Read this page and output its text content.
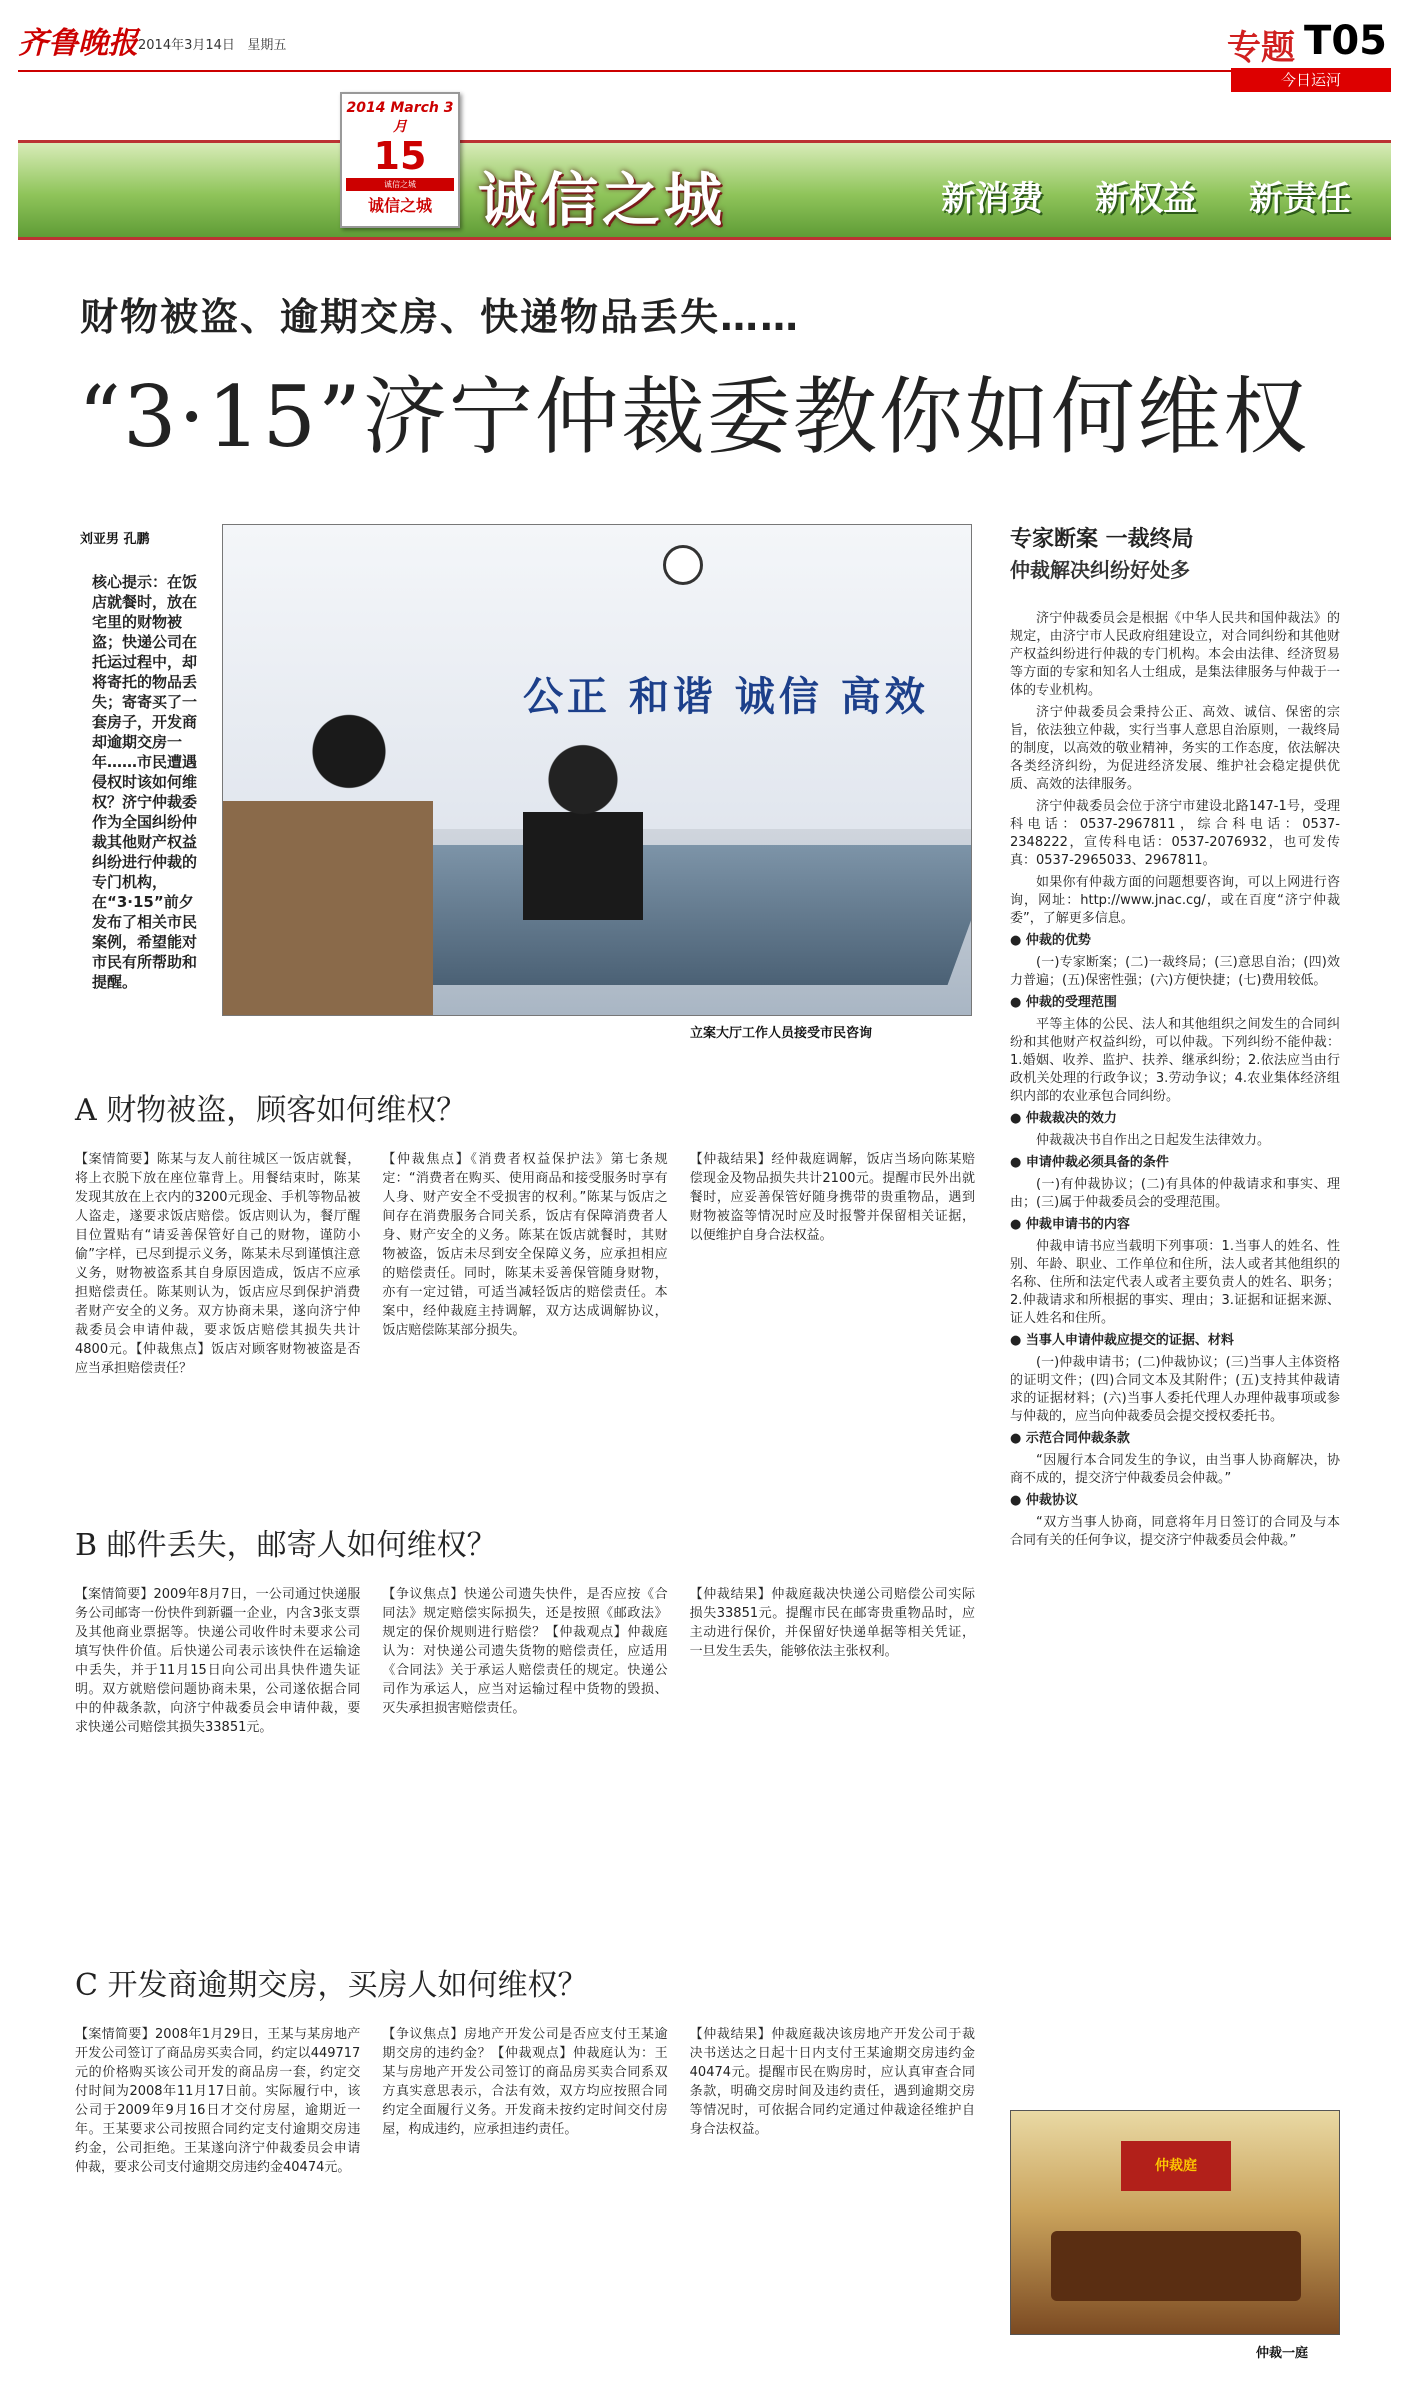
齐鲁晚报 2014年3月14日 星期五	专题 T05
今日运河
诚信之城	新消费 新权益 新责任
2014 March 3月
15
诚信之城
诚信之城
财物被盗、逾期交房、快递物品丢失……
“3·15”济宁仲裁委教你如何维权
刘亚男 孔鹏
核心提示：在饭店就餐时，放在宅里的财物被盗；快递公司在托运过程中，却将寄托的物品丢失；寄寄买了一套房子，开发商却逾期交房一年……市民遭遇侵权时该如何维权？济宁仲裁委作为全国纠纷仲裁其他财产权益纠纷进行仲裁的专门机构，在“3·15”前夕发布了相关市民案例，希望能对市民有所帮助和提醒。
公正 和谐 诚信 高效
立案大厅工作人员接受市民咨询
专家断案 一裁终局
仲裁解决纠纷好处多

济宁仲裁委员会是根据《中华人民共和国仲裁法》的规定，由济宁市人民政府组建设立，对合同纠纷和其他财产权益纠纷进行仲裁的专门机构。本会由法律、经济贸易等方面的专家和知名人士组成，是集法律服务与仲裁于一体的专业机构。

济宁仲裁委员会秉持公正、高效、诚信、保密的宗旨，依法独立仲裁，实行当事人意思自治原则，一裁终局的制度，以高效的敬业精神，务实的工作态度，依法解决各类经济纠纷，为促进经济发展、维护社会稳定提供优质、高效的法律服务。

济宁仲裁委员会位于济宁市建设北路147-1号，受理科电话：0537-2967811，综合科电话：0537-2348222，宣传科电话：0537-2076932，也可发传真：0537-2965033、2967811。

如果你有仲裁方面的问题想要咨询，可以上网进行咨询，网址：http://www.jnac.cg/，或在百度“济宁仲裁委”，了解更多信息。

● 仲裁的优势

(一)专家断案；(二)一裁终局；(三)意思自治；(四)效力普遍；(五)保密性强；(六)方便快捷；(七)费用较低。

● 仲裁的受理范围

平等主体的公民、法人和其他组织之间发生的合同纠纷和其他财产权益纠纷，可以仲裁。下列纠纷不能仲裁：1.婚姻、收养、监护、扶养、继承纠纷；2.依法应当由行政机关处理的行政争议；3.劳动争议；4.农业集体经济组织内部的农业承包合同纠纷。

● 仲裁裁决的效力

仲裁裁决书自作出之日起发生法律效力。

● 申请仲裁必须具备的条件

(一)有仲裁协议；(二)有具体的仲裁请求和事实、理由；(三)属于仲裁委员会的受理范围。

● 仲裁申请书的内容

仲裁申请书应当载明下列事项：1.当事人的姓名、性别、年龄、职业、工作单位和住所，法人或者其他组织的名称、住所和法定代表人或者主要负责人的姓名、职务；2.仲裁请求和所根据的事实、理由；3.证据和证据来源、证人姓名和住所。

● 当事人申请仲裁应提交的证据、材料

(一)仲裁申请书；(二)仲裁协议；(三)当事人主体资格的证明文件；(四)合同文本及其附件；(五)支持其仲裁请求的证据材料；(六)当事人委托代理人办理仲裁事项或参与仲裁的，应当向仲裁委员会提交授权委托书。

● 示范合同仲裁条款

“因履行本合同发生的争议，由当事人协商解决，协商不成的，提交济宁仲裁委员会仲裁。”

● 仲裁协议

“双方当事人协商，同意将年月日签订的合同及与本合同有关的任何争议，提交济宁仲裁委员会仲裁。”

A 财物被盗，顾客如何维权？
【案情简要】陈某与友人前往城区一饭店就餐，将上衣脱下放在座位靠背上。用餐结束时，陈某发现其放在上衣内的3200元现金、手机等物品被人盗走，遂要求饭店赔偿。饭店则认为，餐厅醒目位置贴有“请妥善保管好自己的财物，谨防小偷”字样，已尽到提示义务，陈某未尽到谨慎注意义务，财物被盗系其自身原因造成，饭店不应承担赔偿责任。陈某则认为，饭店应尽到保护消费者财产安全的义务。双方协商未果，遂向济宁仲裁委员会申请仲裁，要求饭店赔偿其损失共计4800元。【仲裁焦点】饭店对顾客财物被盗是否应当承担赔偿责任？
【仲裁焦点】《消费者权益保护法》第七条规定：“消费者在购买、使用商品和接受服务时享有人身、财产安全不受损害的权利。”陈某与饭店之间存在消费服务合同关系，饭店有保障消费者人身、财产安全的义务。陈某在饭店就餐时，其财物被盗，饭店未尽到安全保障义务，应承担相应的赔偿责任。同时，陈某未妥善保管随身财物，亦有一定过错，可适当减轻饭店的赔偿责任。本案中，经仲裁庭主持调解，双方达成调解协议，饭店赔偿陈某部分损失。
【仲裁结果】经仲裁庭调解，饭店当场向陈某赔偿现金及物品损失共计2100元。提醒市民外出就餐时，应妥善保管好随身携带的贵重物品，遇到财物被盗等情况时应及时报警并保留相关证据，以便维护自身合法权益。
B 邮件丢失，邮寄人如何维权？
【案情简要】2009年8月7日，一公司通过快递服务公司邮寄一份快件到新疆一企业，内含3张支票及其他商业票据等。快递公司收件时未要求公司填写快件价值。后快递公司表示该快件在运输途中丢失，并于11月15日向公司出具快件遗失证明。双方就赔偿问题协商未果，公司遂依据合同中的仲裁条款，向济宁仲裁委员会申请仲裁，要求快递公司赔偿其损失33851元。
【争议焦点】快递公司遗失快件，是否应按《合同法》规定赔偿实际损失，还是按照《邮政法》规定的保价规则进行赔偿？【仲裁观点】仲裁庭认为：对快递公司遗失货物的赔偿责任，应适用《合同法》关于承运人赔偿责任的规定。快递公司作为承运人，应当对运输过程中货物的毁损、灭失承担损害赔偿责任。
【仲裁结果】仲裁庭裁决快递公司赔偿公司实际损失33851元。提醒市民在邮寄贵重物品时，应主动进行保价，并保留好快递单据等相关凭证，一旦发生丢失，能够依法主张权利。
C 开发商逾期交房，买房人如何维权？
【案情简要】2008年1月29日，王某与某房地产开发公司签订了商品房买卖合同，约定以449717元的价格购买该公司开发的商品房一套，约定交付时间为2008年11月17日前。实际履行中，该公司于2009年9月16日才交付房屋，逾期近一年。王某要求公司按照合同约定支付逾期交房违约金，公司拒绝。王某遂向济宁仲裁委员会申请仲裁，要求公司支付逾期交房违约金40474元。
【争议焦点】房地产开发公司是否应支付王某逾期交房的违约金？【仲裁观点】仲裁庭认为：王某与房地产开发公司签订的商品房买卖合同系双方真实意思表示，合法有效，双方均应按照合同约定全面履行义务。开发商未按约定时间交付房屋，构成违约，应承担违约责任。
【仲裁结果】仲裁庭裁决该房地产开发公司于裁决书送达之日起十日内支付王某逾期交房违约金40474元。提醒市民在购房时，应认真审查合同条款，明确交房时间及违约责任，遇到逾期交房等情况时，可依据合同约定通过仲裁途径维护自身合法权益。
仲裁庭
仲裁一庭
